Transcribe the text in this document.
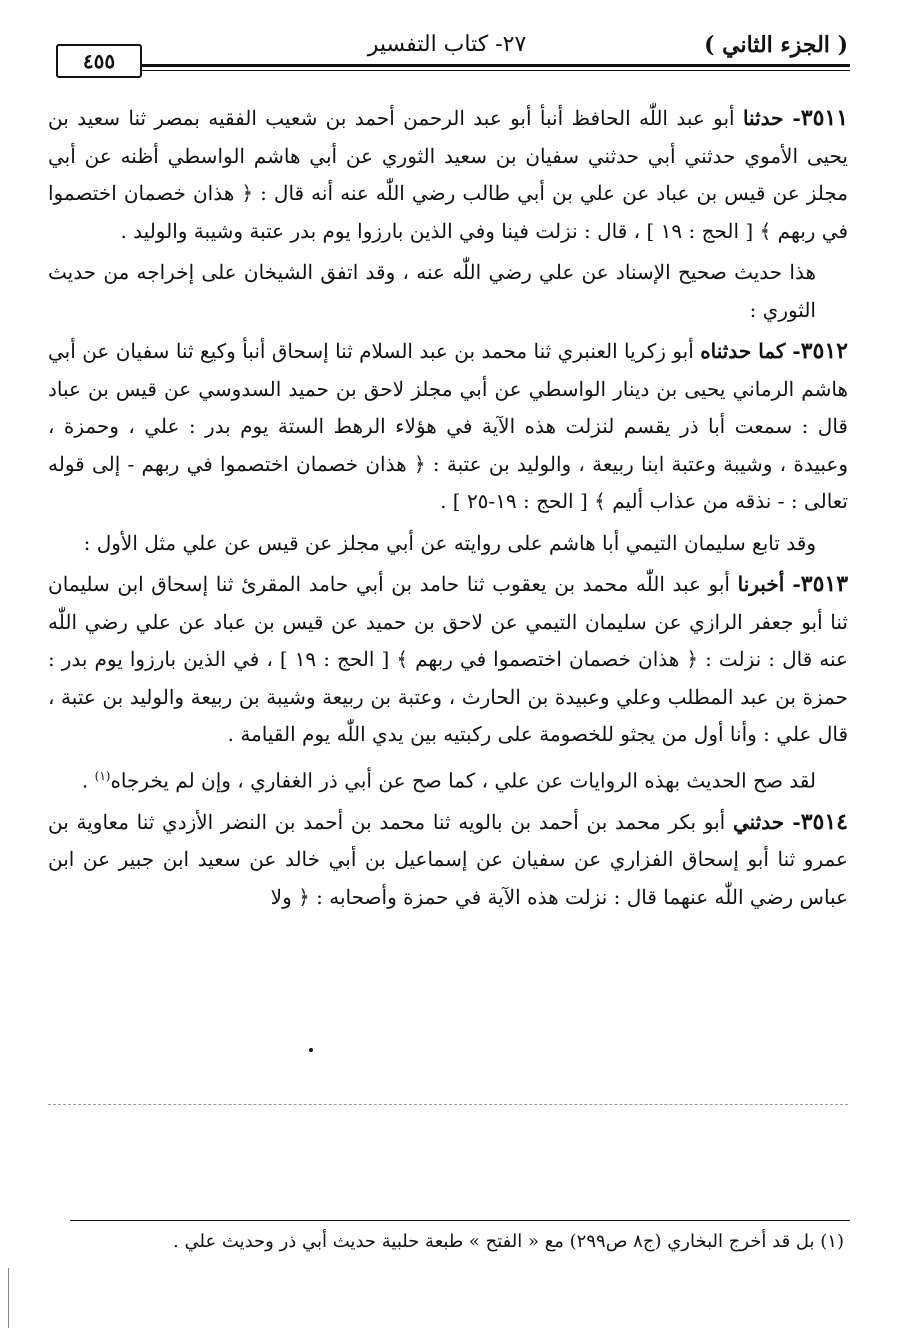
( الجزء الثاني )
٢٧- كتاب التفسير
٤٥٥

٣٥١١- حدثنا أبو عبد اللّٰه الحافظ أنبأ أبو عبد الرحمن أحمد بن شعيب الفقيه بمصر ثنا سعيد بن يحيى الأموي حدثني أبي حدثني سفيان بن سعيد الثوري عن أبي هاشم الواسطي أظنه عن أبي مجلز عن قيس بن عباد عن علي بن أبي طالب رضي اللّٰه عنه أنه قال : ﴿ هذان خصمان اختصموا في ربهم ﴾ [ الحج : ١٩ ] ، قال : نزلت فينا وفي الذين بارزوا يوم بدر عتبة وشيبة والوليد .

هذا حديث صحيح الإسناد عن علي رضي اللّٰه عنه ، وقد اتفق الشيخان على إخراجه من حديث الثوري :

٣٥١٢- كما حدثناه أبو زكريا العنبري ثنا محمد بن عبد السلام ثنا إسحاق أنبأ وكيع ثنا سفيان عن أبي هاشم الرماني يحيى بن دينار الواسطي عن أبي مجلز لاحق بن حميد السدوسي عن قيس بن عباد قال : سمعت أبا ذر يقسم لنزلت هذه الآية في هؤلاء الرهط الستة يوم بدر : علي ، وحمزة ، وعبيدة ، وشيبة وعتبة ابنا ربيعة ، والوليد بن عتبة : ﴿ هذان خصمان اختصموا في ربهم - إلى قوله تعالى : - نذقه من عذاب أليم ﴾ [ الحج : ١٩-٢٥ ] .

وقد تابع سليمان التيمي أبا هاشم على روايته عن أبي مجلز عن قيس عن علي مثل الأول :

٣٥١٣- أخبرنا أبو عبد اللّٰه محمد بن يعقوب ثنا حامد بن أبي حامد المقرئ ثنا إسحاق ابن سليمان ثنا أبو جعفر الرازي عن سليمان التيمي عن لاحق بن حميد عن قيس بن عباد عن علي رضي اللّٰه عنه قال : نزلت : ﴿ هذان خصمان اختصموا في ربهم ﴾ [ الحج : ١٩ ] ، في الذين بارزوا يوم بدر : حمزة بن عبد المطلب وعلي وعبيدة بن الحارث ، وعتبة بن ربيعة وشيبة بن ربيعة والوليد بن عتبة ، قال علي : وأنا أول من يجثو للخصومة على ركبتيه بين يدي اللّٰه يوم القيامة .

لقد صح الحديث بهذه الروايات عن علي ، كما صح عن أبي ذر الغفاري ، وإن لم يخرجاه$^{(١)}$ .

٣٥١٤- حدثني أبو بكر محمد بن أحمد بن بالويه ثنا محمد بن أحمد بن النضر الأزدي ثنا معاوية بن عمرو ثنا أبو إسحاق الفزاري عن سفيان عن إسماعيل بن أبي خالد عن سعيد ابن جبير عن ابن عباس رضي اللّٰه عنهما قال : نزلت هذه الآية في حمزة وأصحابه : ﴿ ولا

(١) بل قد أخرج البخاري (ج٨ ص٢٩٩) مع « الفتح » طبعة حلبية حديث أبي ذر وحديث علي .
